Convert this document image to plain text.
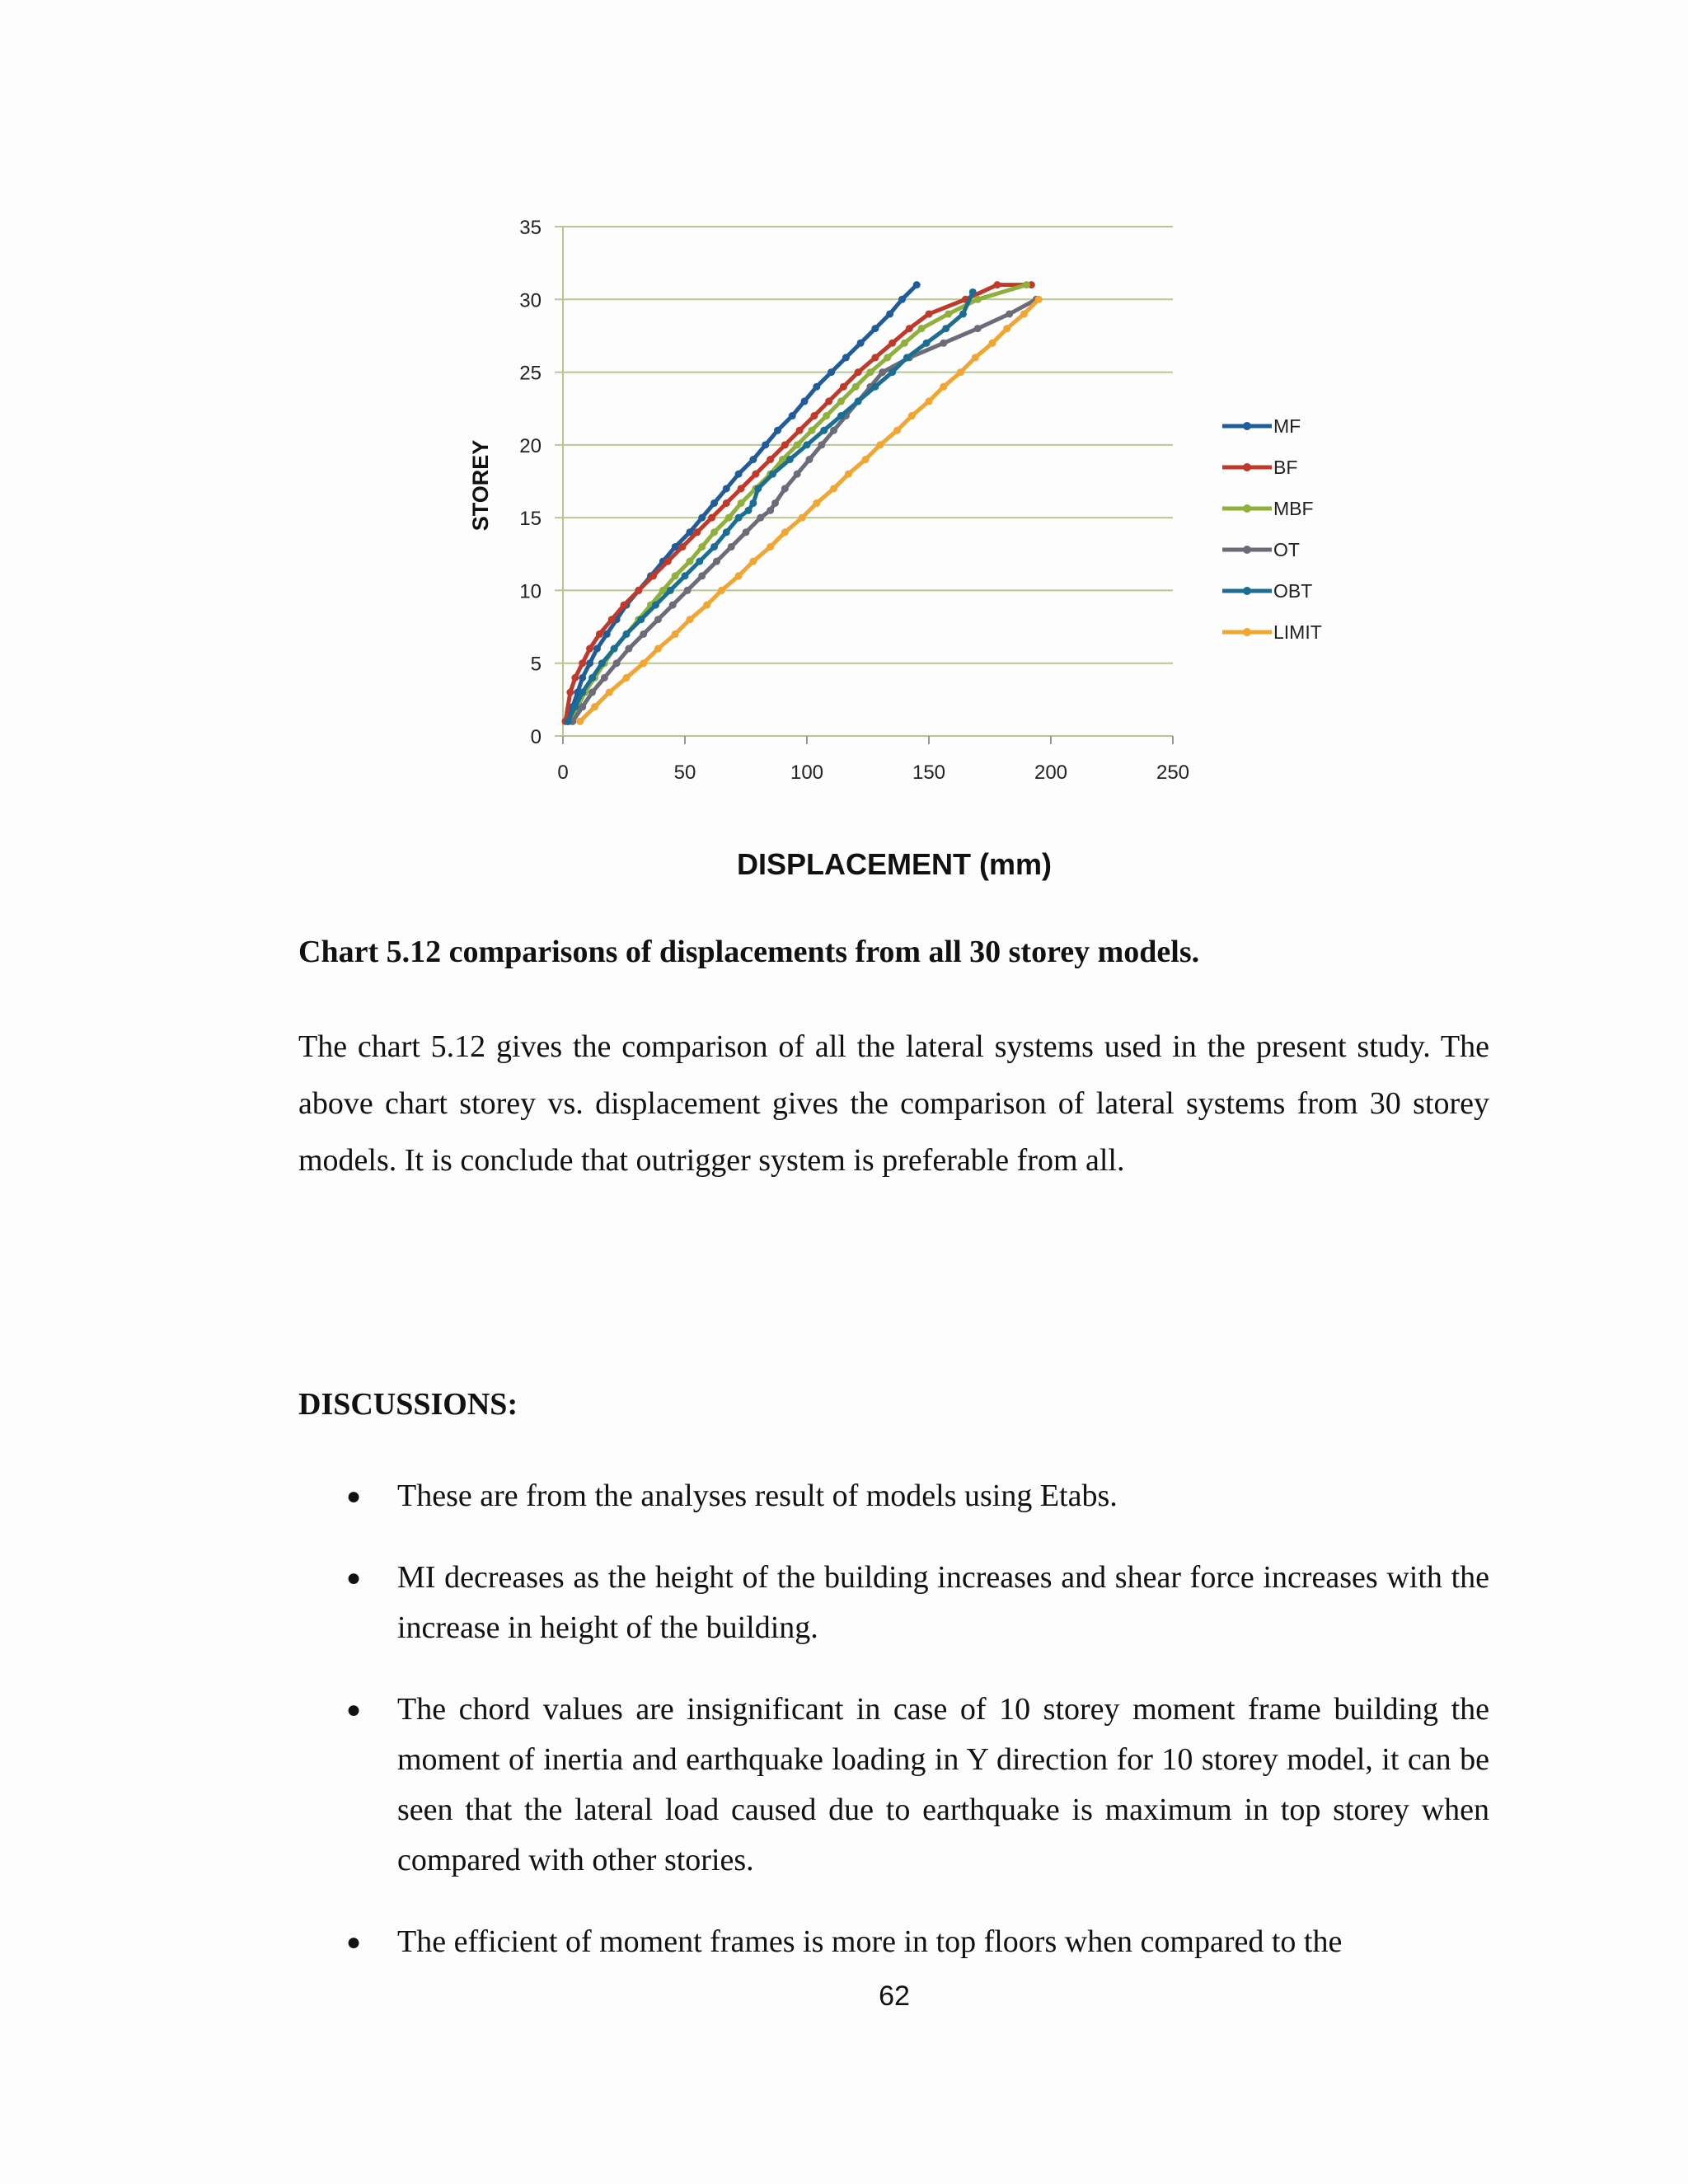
0
5
10
15
20
25
30
35
0	50	100	150	200	250
STOREY
MF
BF
MBF
OT
OBT
LIMIT
DISPLACEMENT (mm)
Chart 5.12 comparisons of displacements from all 30 storey models.
The chart 5.12 gives the comparison of all the lateral systems used in the present study. The above chart storey vs. displacement gives the comparison of lateral systems from 30 storey models. It is conclude that outrigger system is preferable from all.
DISCUSSIONS:
● These are from the analyses result of models using Etabs.
● MI decreases as the height of the building increases and shear force increases with the increase in height of the building.
● The chord values are insignificant in case of 10 storey moment frame building the moment of inertia and earthquake loading in Y direction for 10 storey model, it can be seen that the lateral load caused due to earthquake is maximum in top storey when compared with other stories.
● The efficient of moment frames is more in top floors when compared to the
62
